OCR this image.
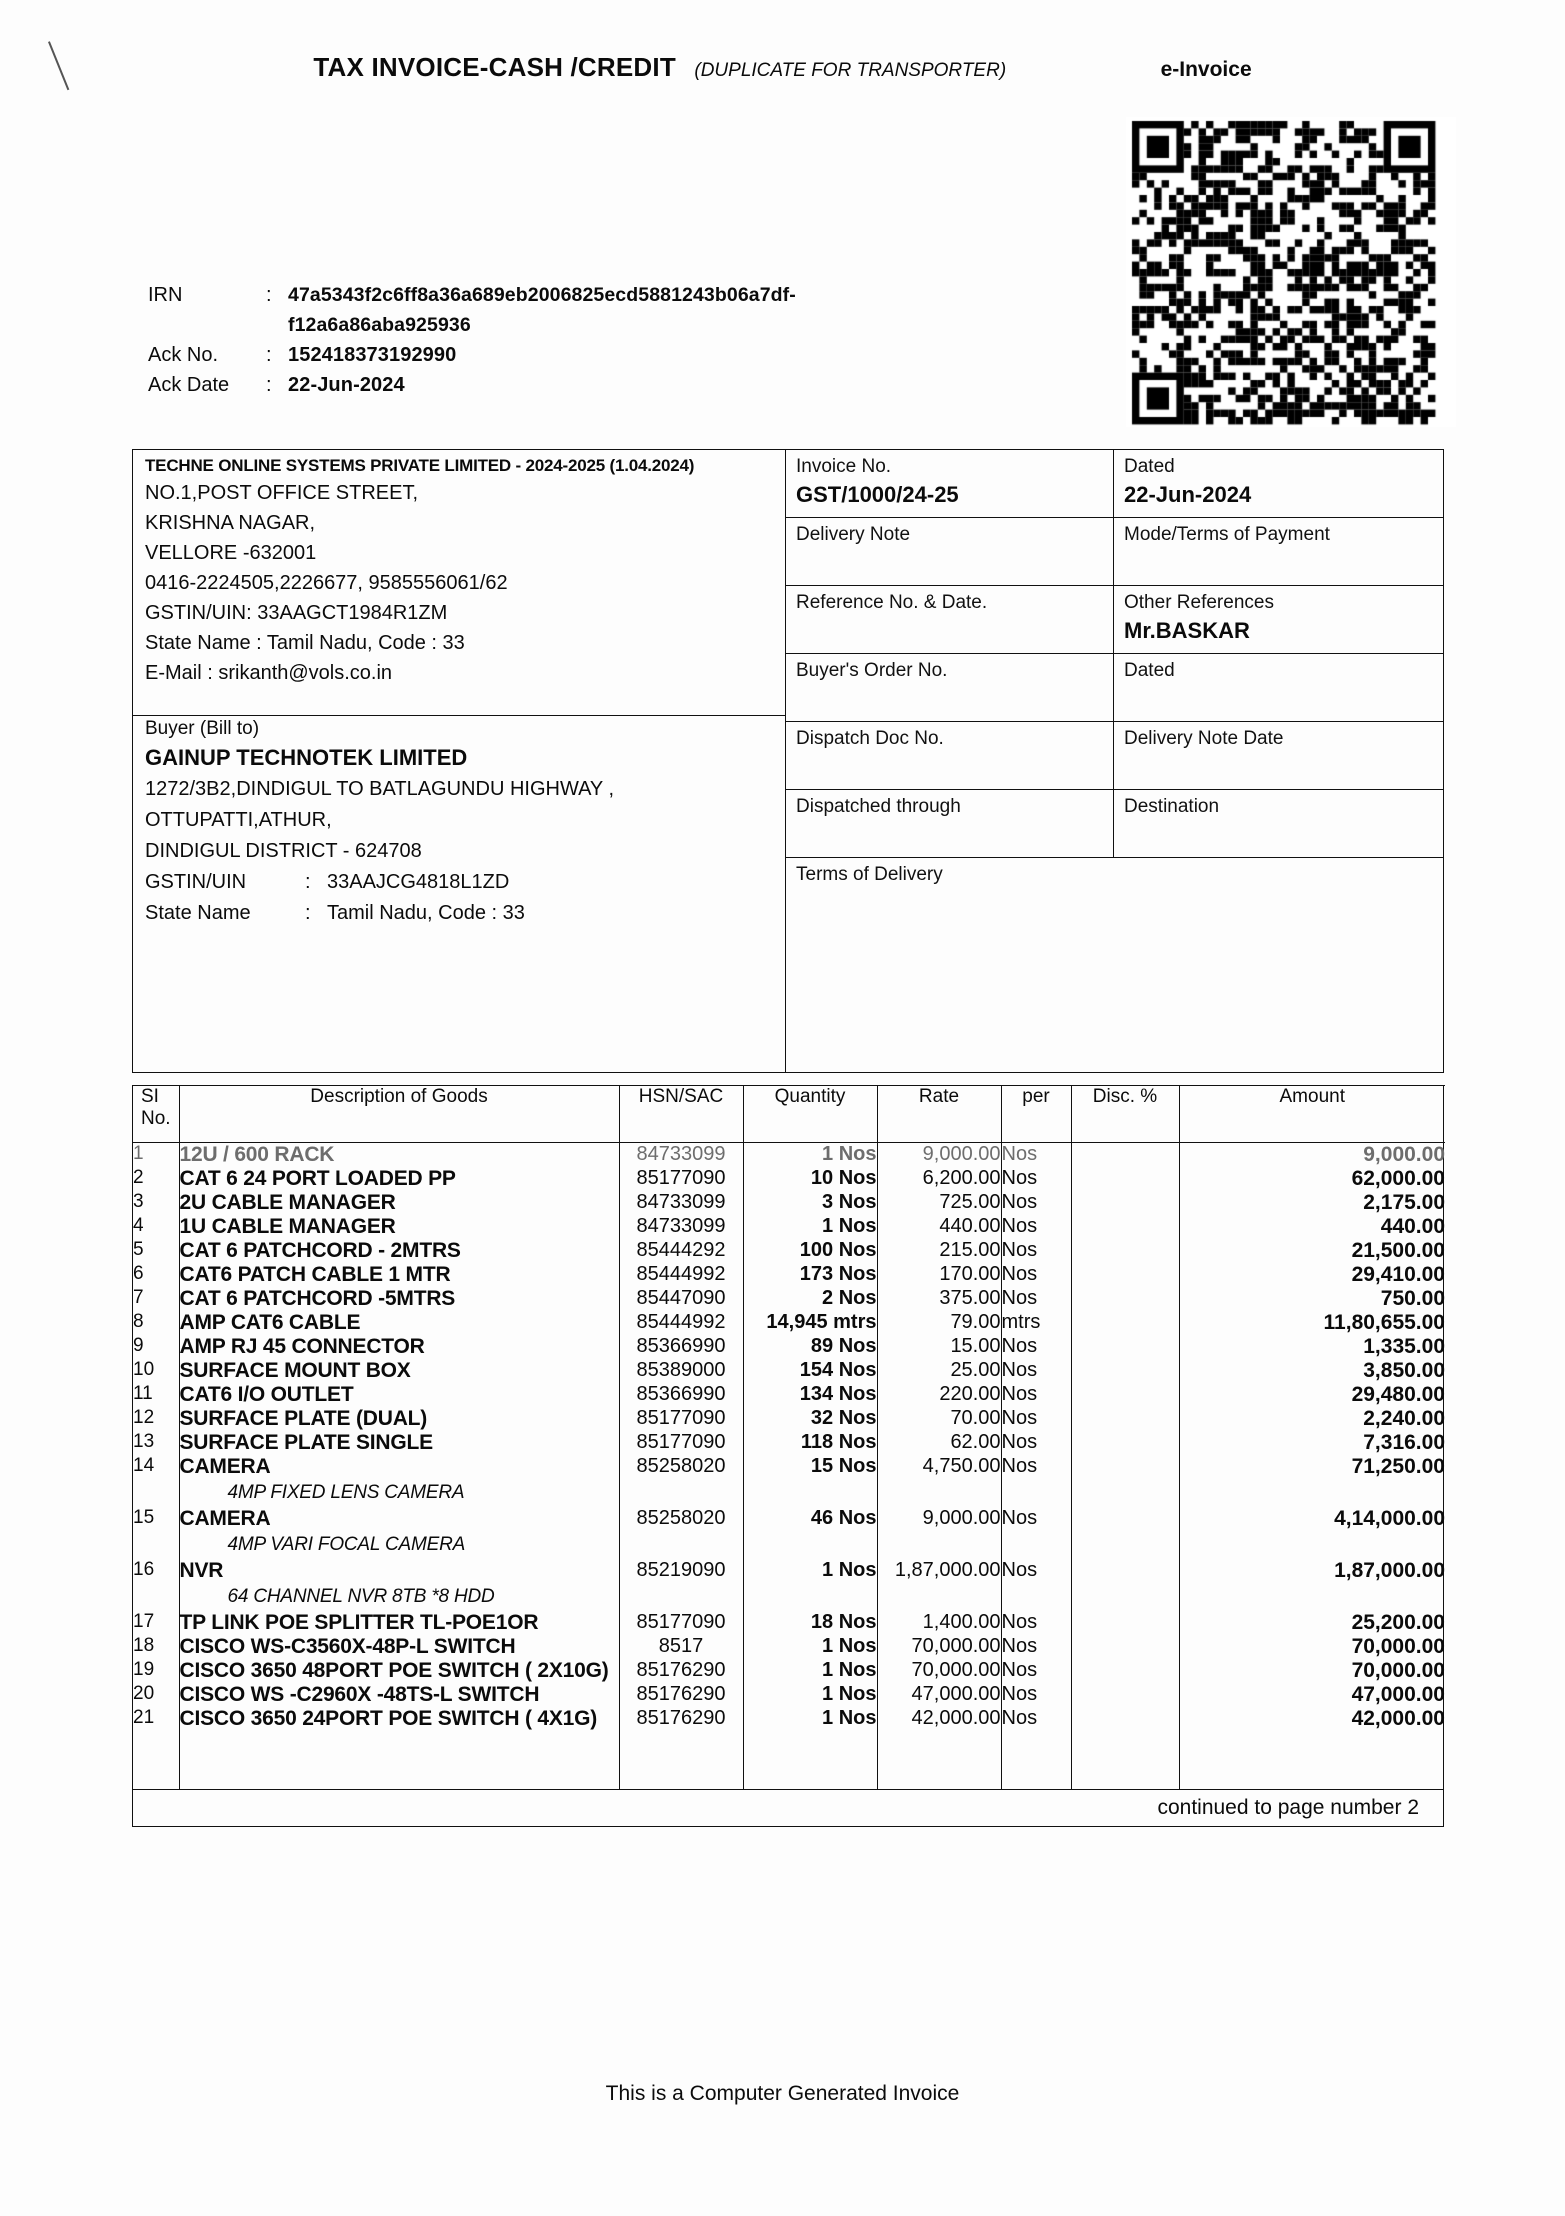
TAX INVOICE-CASH /CREDIT (DUPLICATE FOR TRANSPORTER)	e-Invoice
IRN	:	47a5343f2c6ff8a36a689eb2006825ecd5881243b06a7df-
		f12a6a86aba925936
Ack No.	:	152418373192990
Ack Date	:	22-Jun-2024
TECHNE ONLINE SYSTEMS PRIVATE LIMITED - 2024-2025 (1.04.2024)
NO.1,POST OFFICE STREET,
KRISHNA NAGAR,
VELLORE -632001
0416-2224505,2226677, 9585556061/62
GSTIN/UIN: 33AAGCT1984R1ZM
State Name : Tamil Nadu, Code : 33
E-Mail : srikanth@vols.co.in
Buyer (Bill to)
GAINUP TECHNOTEK LIMITED
1272/3B2,DINDIGUL TO BATLAGUNDU HIGHWAY ,
OTTUPATTI,ATHUR,
DINDIGUL DISTRICT - 624708
GSTIN/UIN	: 33AAJCG4818L1ZD
State Name	: Tamil Nadu, Code : 33
Invoice No.
GST/1000/24-25
Dated
22-Jun-2024
Delivery Note	Mode/Terms of Payment
Reference No. & Date.	Other References
Mr.BASKAR
Buyer's Order No.	Dated
Dispatch Doc No.	Delivery Note Date
Dispatched through	Destination
Terms of Delivery
SI
No.	Description of Goods	HSN/SAC	Quantity	Rate	per	Disc. %	Amount
1	12U / 600 RACK	84733099	1 Nos	9,000.00	Nos		9,000.00
2	CAT 6 24 PORT LOADED PP	85177090	10 Nos	6,200.00	Nos		62,000.00
3	2U CABLE MANAGER	84733099	3 Nos	725.00	Nos		2,175.00
4	1U CABLE MANAGER	84733099	1 Nos	440.00	Nos		440.00
5	CAT 6 PATCHCORD - 2MTRS	85444292	100 Nos	215.00	Nos		21,500.00
6	CAT6 PATCH CABLE 1 MTR	85444992	173 Nos	170.00	Nos		29,410.00
7	CAT 6 PATCHCORD -5MTRS	85447090	2 Nos	375.00	Nos		750.00
8	AMP CAT6 CABLE	85444992	14,945 mtrs	79.00	mtrs		11,80,655.00
9	AMP RJ 45 CONNECTOR	85366990	89 Nos	15.00	Nos		1,335.00
10	SURFACE MOUNT BOX	85389000	154 Nos	25.00	Nos		3,850.00
11	CAT6 I/O OUTLET	85366990	134 Nos	220.00	Nos		29,480.00
12	SURFACE PLATE (DUAL)	85177090	32 Nos	70.00	Nos		2,240.00
13	SURFACE PLATE SINGLE	85177090	118 Nos	62.00	Nos		7,316.00
14	CAMERA
4MP FIXED LENS CAMERA	85258020	15 Nos	4,750.00	Nos		71,250.00
15	CAMERA
4MP VARI FOCAL CAMERA	85258020	46 Nos	9,000.00	Nos		4,14,000.00
16	NVR
64 CHANNEL NVR 8TB *8 HDD	85219090	1 Nos	1,87,000.00	Nos		1,87,000.00
17	TP LINK POE SPLITTER TL-POE1OR	85177090	18 Nos	1,400.00	Nos		25,200.00
18	CISCO WS-C3560X-48P-L SWITCH	8517	1 Nos	70,000.00	Nos		70,000.00
19	CISCO 3650 48PORT POE SWITCH ( 2X10G)	85176290	1 Nos	70,000.00	Nos		70,000.00
20	CISCO WS -C2960X -48TS-L SWITCH	85176290	1 Nos	47,000.00	Nos		47,000.00
21	CISCO 3650 24PORT POE SWITCH ( 4X1G)	85176290	1 Nos	42,000.00	Nos		42,000.00

continued to page number 2
This is a Computer Generated Invoice
